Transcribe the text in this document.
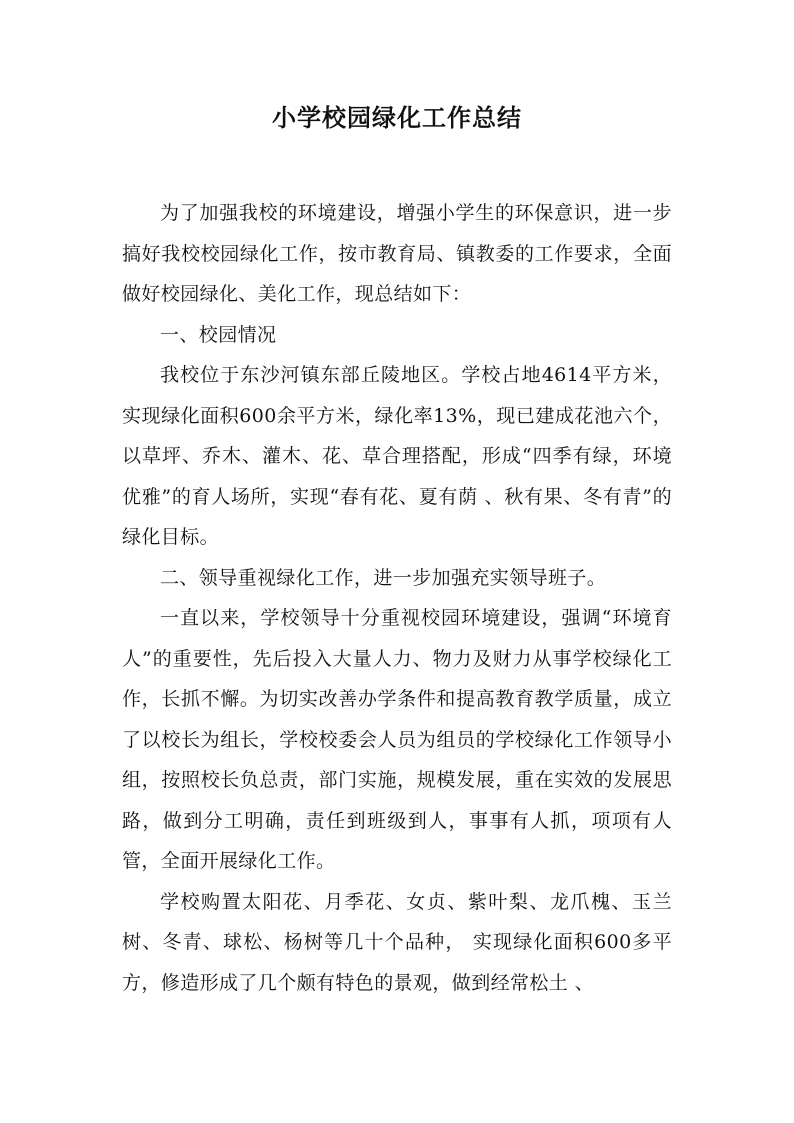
小学校园绿化工作总结

为了加强我校的环境建设，增强小学生的环保意识，进一步搞好我校校园绿化工作，按市教育局、镇教委的工作要求，全面做好校园绿化、美化工作，现总结如下：

一、校园情况

我校位于东沙河镇东部丘陵地区。学校占地4614平方米，实现绿化面积600余平方米，绿化率13%，现已建成花池六个，以草坪、乔木、灌木、花、草合理搭配，形成“四季有绿，环境优雅”的育人场所，实现“春有花、夏有荫 、秋有果、冬有青”的绿化目标。

二、领导重视绿化工作，进一步加强充实领导班子。

一直以来，学校领导十分重视校园环境建设，强调“环境育人”的重要性，先后投入大量人力、物力及财力从事学校绿化工作，长抓不懈。为切实改善办学条件和提高教育教学质量，成立了以校长为组长，学校校委会人员为组员的学校绿化工作领导小组，按照校长负总责，部门实施，规模发展，重在实效的发展思路，做到分工明确，责任到班级到人，事事有人抓，项项有人管，全面开展绿化工作。

学校购置太阳花、月季花、女贞、紫叶梨、龙爪槐、玉兰树、冬青、球松、杨树等几十个品种， 实现绿化面积600多平方，修造形成了几个颇有特色的景观，做到经常松土 、
